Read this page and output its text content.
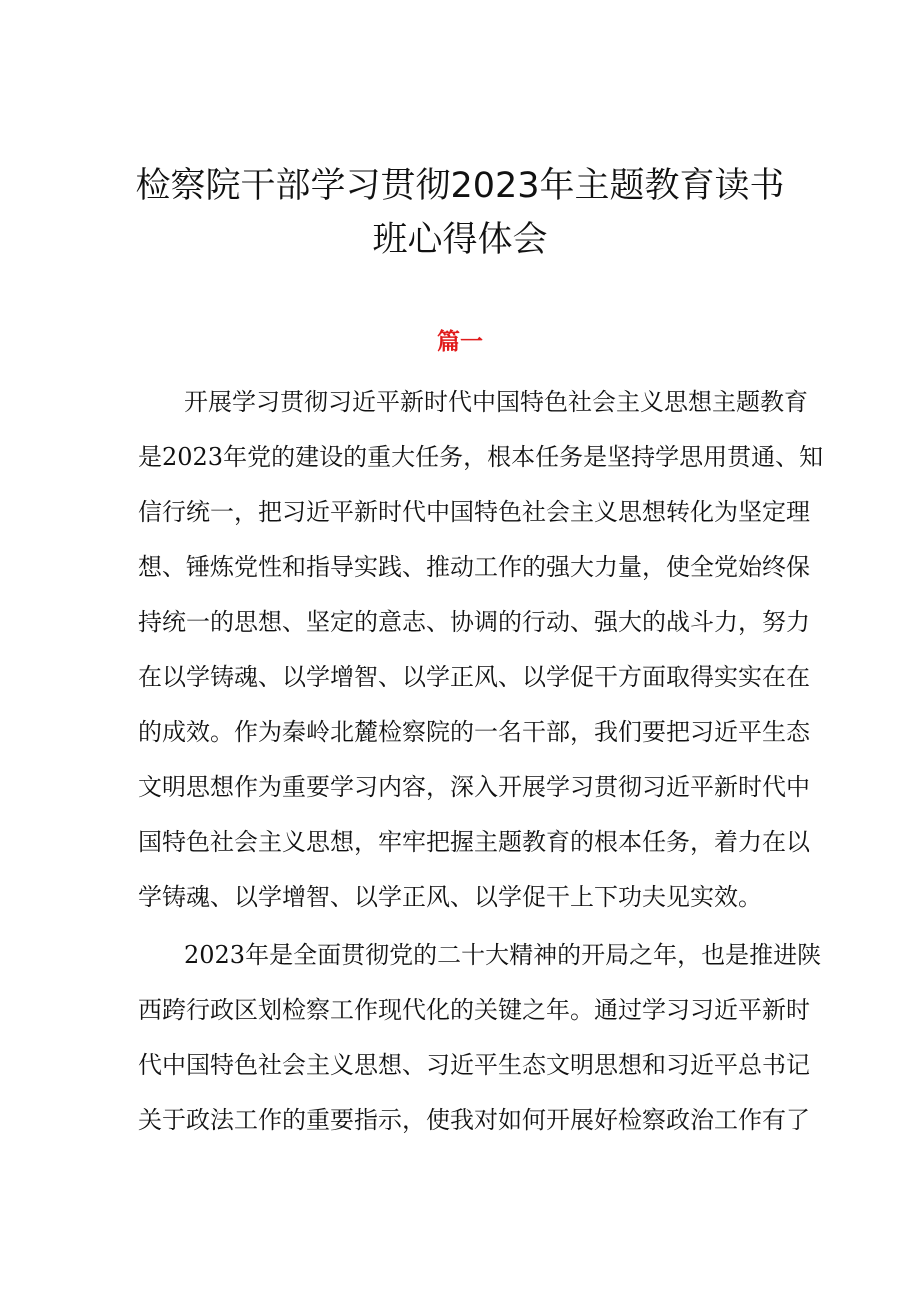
检察院干部学习贯彻2023年主题教育读书
班心得体会
篇一
开展学习贯彻习近平新时代中国特色社会主义思想主题教育
是2023年党的建设的重大任务，根本任务是坚持学思用贯通、知
信行统一，把习近平新时代中国特色社会主义思想转化为坚定理
想、锤炼党性和指导实践、推动工作的强大力量，使全党始终保
持统一的思想、坚定的意志、协调的行动、强大的战斗力，努力
在以学铸魂、以学增智、以学正风、以学促干方面取得实实在在
的成效。作为秦岭北麓检察院的一名干部，我们要把习近平生态
文明思想作为重要学习内容，深入开展学习贯彻习近平新时代中
国特色社会主义思想，牢牢把握主题教育的根本任务，着力在以
学铸魂、以学增智、以学正风、以学促干上下功夫见实效。
2023年是全面贯彻党的二十大精神的开局之年，也是推进陕
西跨行政区划检察工作现代化的关键之年。通过学习习近平新时
代中国特色社会主义思想、习近平生态文明思想和习近平总书记
关于政法工作的重要指示，使我对如何开展好检察政治工作有了
